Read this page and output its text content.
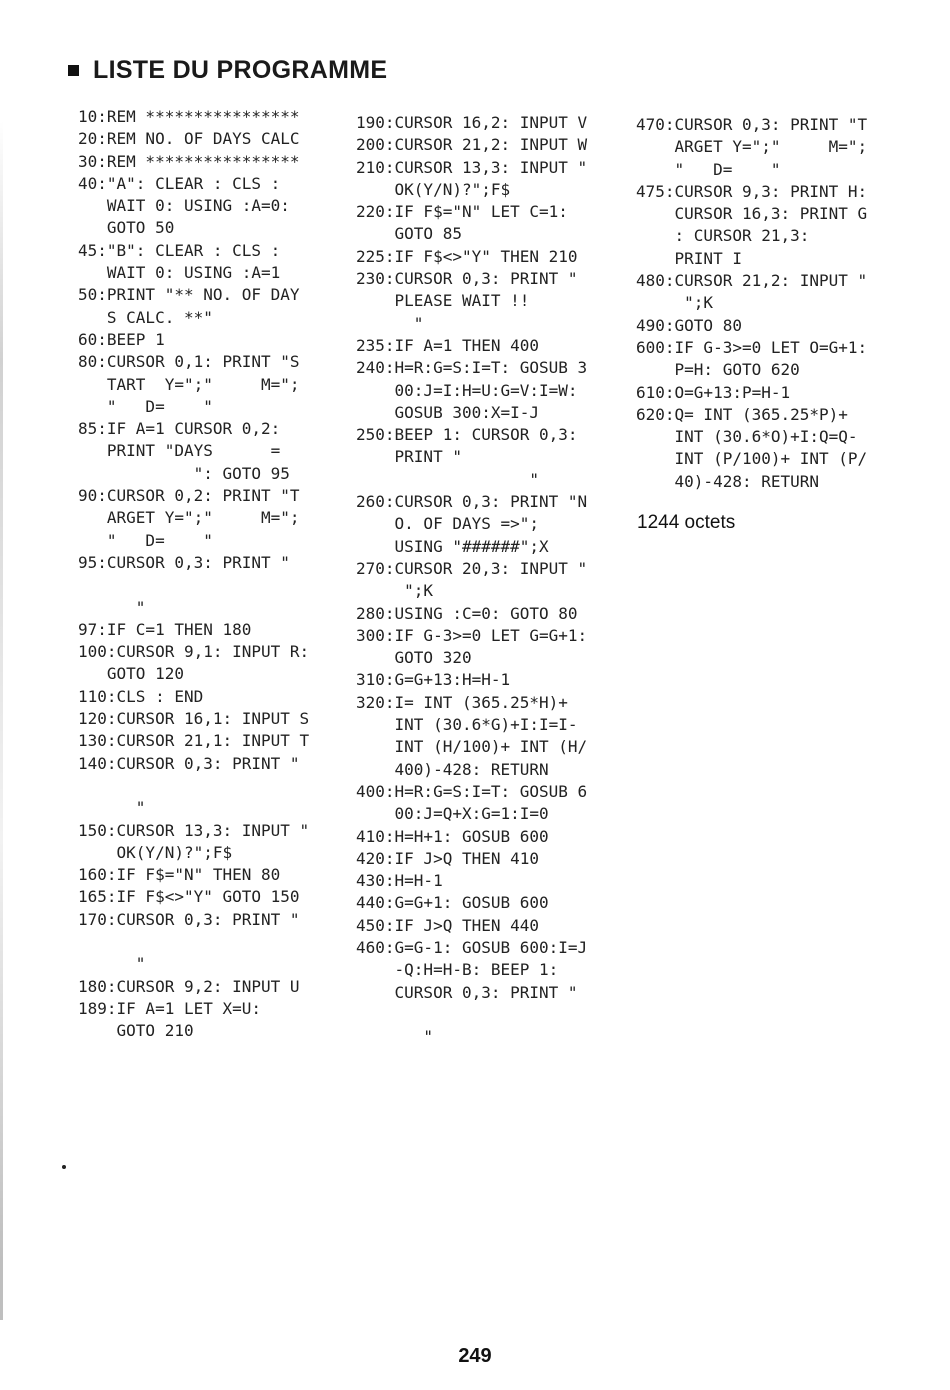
LISTE DU PROGRAMME
10:REM ****************
20:REM NO. OF DAYS CALC
30:REM ****************
40:"A": CLEAR : CLS :
WAIT 0: USING :A=0:
GOTO 50
45:"B": CLEAR : CLS :
WAIT 0: USING :A=1
50:PRINT "** NO. OF DAY
S CALC. **"
60:BEEP 1
80:CURSOR 0,1: PRINT "S
TART  Y=";"     M=";
"   D=    "
85:IF A=1 CURSOR 0,2:
PRINT "DAYS      =
": GOTO 95
90:CURSOR 0,2: PRINT "T
ARGET Y=";"     M=";
"   D=    "
95:CURSOR 0,3: PRINT "

"
97:IF C=1 THEN 180
100:CURSOR 9,1: INPUT R:
GOTO 120
110:CLS : END
120:CURSOR 16,1: INPUT S
130:CURSOR 21,1: INPUT T
140:CURSOR 0,3: PRINT "

"
150:CURSOR 13,3: INPUT "
OK(Y/N)?";F$
160:IF F$="N" THEN 80
165:IF F$<>"Y" GOTO 150
170:CURSOR 0,3: PRINT "

"
180:CURSOR 9,2: INPUT U
189:IF A=1 LET X=U:
GOTO 210
190:CURSOR 16,2: INPUT V
200:CURSOR 21,2: INPUT W
210:CURSOR 13,3: INPUT "
OK(Y/N)?";F$
220:IF F$="N" LET C=1:
GOTO 85
225:IF F$<>"Y" THEN 210
230:CURSOR 0,3: PRINT "
PLEASE WAIT !!
"
235:IF A=1 THEN 400
240:H=R:G=S:I=T: GOSUB 3
00:J=I:H=U:G=V:I=W:
GOSUB 300:X=I-J
250:BEEP 1: CURSOR 0,3:
PRINT "
"
260:CURSOR 0,3: PRINT "N
O. OF DAYS =>";
USING "######";X
270:CURSOR 20,3: INPUT "
";K
280:USING :C=0: GOTO 80
300:IF G-3>=0 LET G=G+1:
GOTO 320
310:G=G+13:H=H-1
320:I= INT (365.25*H)+
INT (30.6*G)+I:I=I-
INT (H/100)+ INT (H/
400)-428: RETURN
400:H=R:G=S:I=T: GOSUB 6
00:J=Q+X:G=1:I=0
410:H=H+1: GOSUB 600
420:IF J>Q THEN 410
430:H=H-1
440:G=G+1: GOSUB 600
450:IF J>Q THEN 440
460:G=G-1: GOSUB 600:I=J
-Q:H=H-B: BEEP 1:
CURSOR 0,3: PRINT "

"
470:CURSOR 0,3: PRINT "T
ARGET Y=";"     M=";
"   D=    "
475:CURSOR 9,3: PRINT H:
CURSOR 16,3: PRINT G
: CURSOR 21,3:
PRINT I
480:CURSOR 21,2: INPUT "
";K
490:GOTO 80
600:IF G-3>=0 LET O=G+1:
P=H: GOTO 620
610:O=G+13:P=H-1
620:Q= INT (365.25*P)+
INT (30.6*O)+I:Q=Q-
INT (P/100)+ INT (P/
40)-428: RETURN
1244 octets
249
